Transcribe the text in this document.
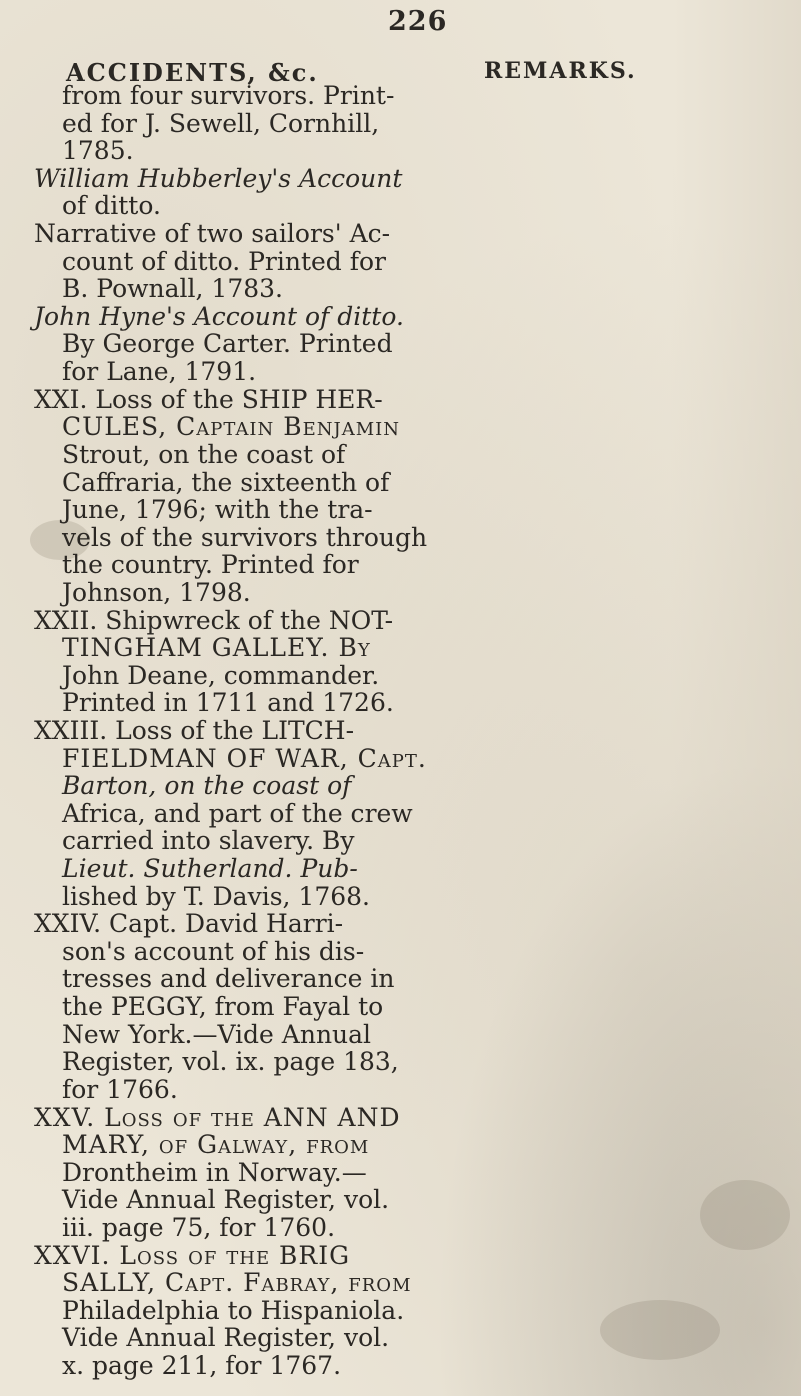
226
ACCIDENTS, &c.	REMARKS.

from four survivors. Print-

ed for J. Sewell, Cornhill,

1785.

William Hubberley's Account

of ditto.

Narrative of two sailors' Ac-

count of ditto. Printed for

B. Pownall, 1783.

John Hyne's Account of ditto.

By George Carter. Printed

for Lane, 1791.

XXI. Loss of the SHIP HER-

CULES, Captain Benjamin

Strout, on the coast of

Caffraria, the sixteenth of

June, 1796; with the tra-

vels of the survivors through

the country. Printed for

Johnson, 1798.

XXII. Shipwreck of the NOT-

TINGHAM GALLEY. By

John Deane, commander.

Printed in 1711 and 1726.

XXIII. Loss of the LITCH-

FIELDMAN OF WAR, Capt.

Barton, on the coast of

Africa, and part of the crew

carried into slavery. By

Lieut. Sutherland. Pub-

lished by T. Davis, 1768.

XXIV. Capt. David Harri-

son's account of his dis-

tresses and deliverance in

the PEGGY, from Fayal to

New York.—Vide Annual

Register, vol. ix. page 183,

for 1766.

XXV. Loss of the ANN AND

MARY, of Galway, from

Drontheim in Norway.—

Vide Annual Register, vol.

iii. page 75, for 1760.

XXVI. Loss of the BRIG

SALLY, Capt. Fabray, from

Philadelphia to Hispaniola.

Vide Annual Register, vol.

x. page 211, for 1767.
